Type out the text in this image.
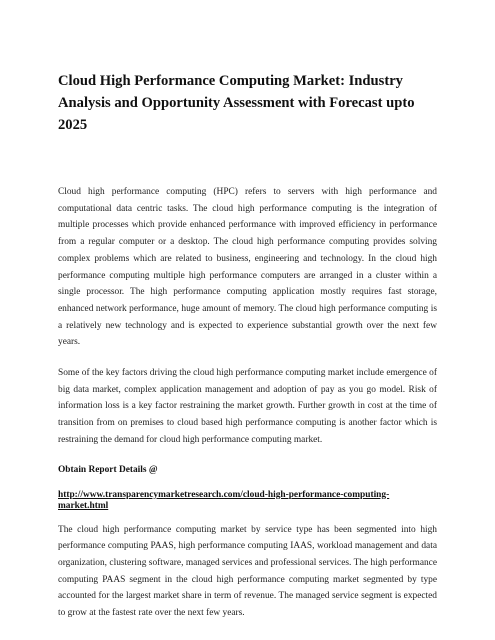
Cloud High Performance Computing Market: Industry Analysis and Opportunity Assessment with Forecast upto 2025

Cloud high performance computing (HPC) refers to servers with high performance and computational data centric tasks. The cloud high performance computing is the integration of multiple processes which provide enhanced performance with improved efficiency in performance from a regular computer or a desktop. The cloud high performance computing provides solving complex problems which are related to business, engineering and technology. In the cloud high performance computing multiple high performance computers are arranged in a cluster within a single processor. The high performance computing application mostly requires fast storage, enhanced network performance, huge amount of memory. The cloud high performance computing is a relatively new technology and is expected to experience substantial growth over the next few years.

Some of the key factors driving the cloud high performance computing market include emergence of big data market, complex application management and adoption of pay as you go model. Risk of information loss is a key factor restraining the market growth. Further growth in cost at the time of transition from on premises to cloud based high performance computing is another factor which is restraining the demand for cloud high performance computing market.

Obtain Report Details @

http://www.transparencymarketresearch.com/cloud-high-performance-computing-market.html

The cloud high performance computing market by service type has been segmented into high performance computing PAAS, high performance computing IAAS, workload management and data organization, clustering software, managed services and professional services. The high performance computing PAAS segment in the cloud high performance computing market segmented by type accounted for the largest market share in term of revenue. The managed service segment is expected to grow at the fastest rate over the next few years.
